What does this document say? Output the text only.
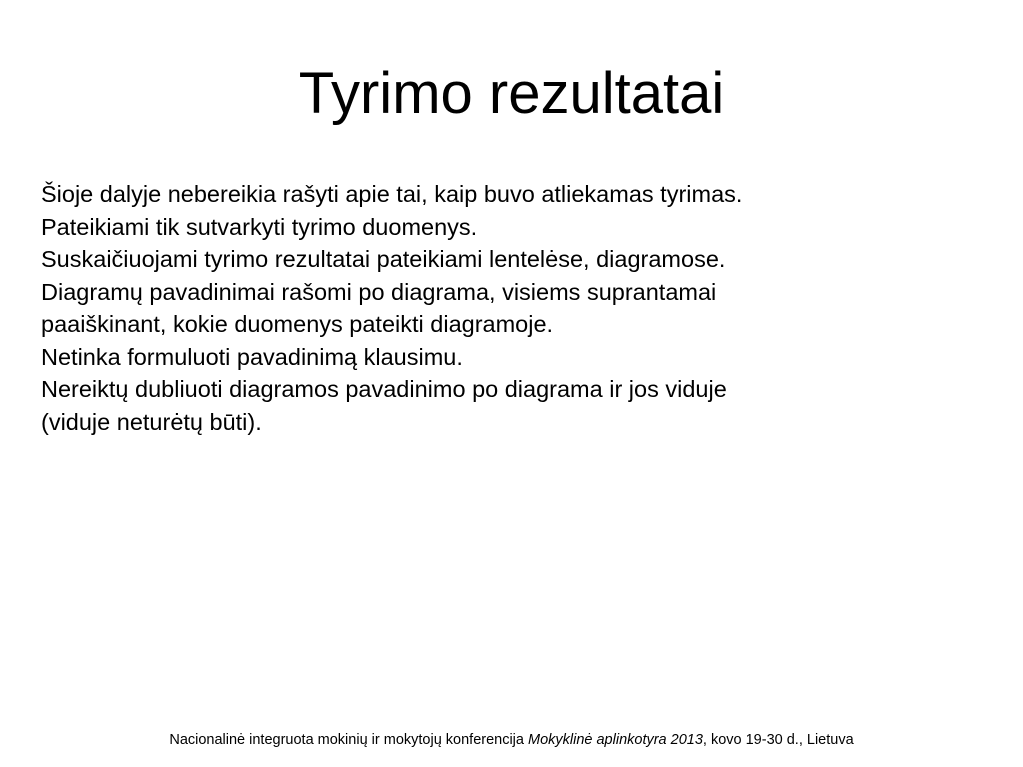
Tyrimo rezultatai
Šioje dalyje nebereikia rašyti apie tai, kaip buvo atliekamas tyrimas.
Pateikiami tik sutvarkyti tyrimo duomenys.
Suskaičiuojami tyrimo rezultatai pateikiami lentelėse, diagramose.
Diagramų pavadinimai rašomi po diagrama, visiems suprantamai
paaiškinant, kokie duomenys pateikti diagramoje.
Netinka formuluoti pavadinimą klausimu.
Nereiktų dubliuoti diagramos pavadinimo po diagrama ir jos viduje
(viduje neturėtų būti).
Nacionalinė integruota mokinių ir mokytojų konferencija Mokyklinė aplinkotyra 2013, kovo 19-30 d., Lietuva
